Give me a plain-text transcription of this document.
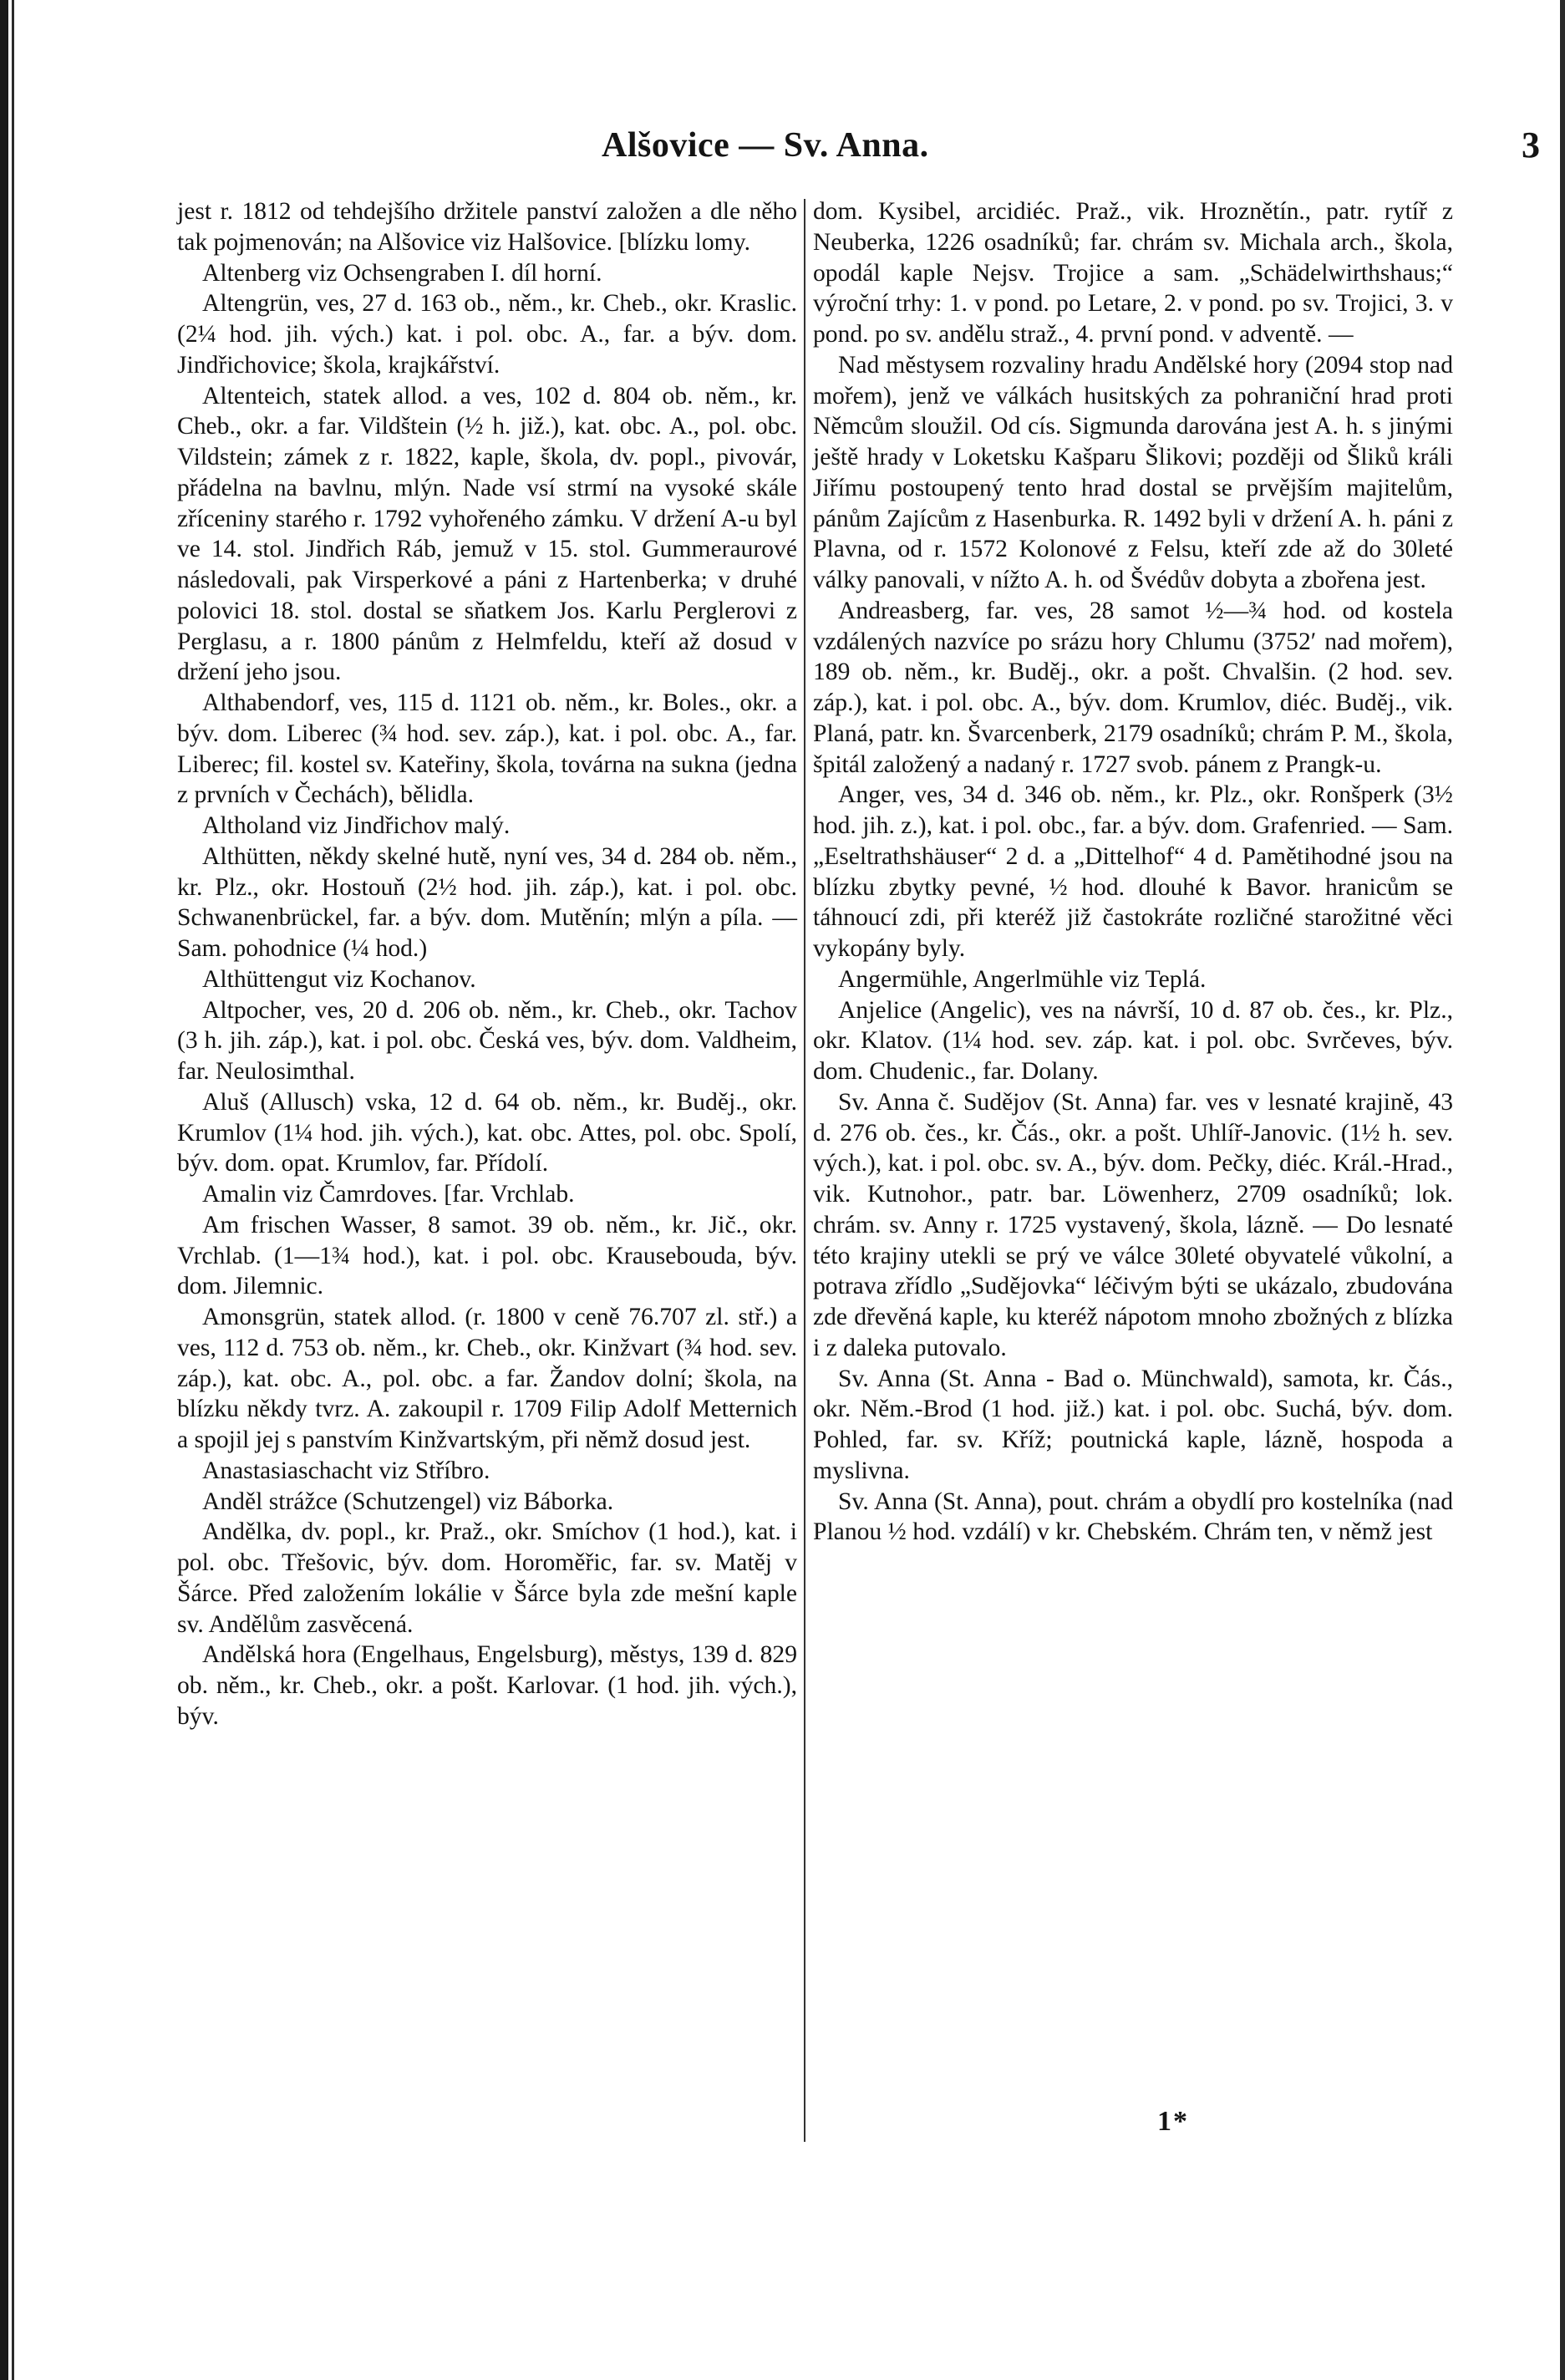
Alšovice — Sv. Anna.	3

jest r. 1812 od tehdejšího držitele panství založen a dle něho tak pojmenován; na Alšovice viz Halšovice. [blízku lomy.

Altenberg viz Ochsengraben I. díl horní.

Altengrün, ves, 27 d. 163 ob., něm., kr. Cheb., okr. Kraslic. (2¼ hod. jih. vých.) kat. i pol. obc. A., far. a býv. dom. Jindřichovice; škola, krajkářství.

Altenteich, statek allod. a ves, 102 d. 804 ob. něm., kr. Cheb., okr. a far. Vildštein (½ h. již.), kat. obc. A., pol. obc. Vildstein; zámek z r. 1822, kaple, škola, dv. popl., pivovár, přádelna na bavlnu, mlýn. Nade vsí strmí na vysoké skále zříceniny starého r. 1792 vyhořeného zámku. V držení A-u byl ve 14. stol. Jindřich Ráb, jemuž v 15. stol. Gummeraurové následovali, pak Virsperkové a páni z Hartenberka; v druhé polovici 18. stol. dostal se sňatkem Jos. Karlu Perglerovi z Perglasu, a r. 1800 pánům z Helmfeldu, kteří až dosud v držení jeho jsou.

Althabendorf, ves, 115 d. 1121 ob. něm., kr. Boles., okr. a býv. dom. Liberec (¾ hod. sev. záp.), kat. i pol. obc. A., far. Liberec; fil. kostel sv. Kateřiny, škola, továrna na sukna (jedna z prvních v Čechách), bělidla.

Altholand viz Jindřichov malý.

Althütten, někdy skelné hutě, nyní ves, 34 d. 284 ob. něm., kr. Plz., okr. Hostouň (2½ hod. jih. záp.), kat. i pol. obc. Schwanenbrückel, far. a býv. dom. Mutěnín; mlýn a píla. — Sam. pohodnice (¼ hod.)

Althüttengut viz Kochanov.

Altpocher, ves, 20 d. 206 ob. něm., kr. Cheb., okr. Tachov (3 h. jih. záp.), kat. i pol. obc. Česká ves, býv. dom. Valdheim, far. Neulosimthal.

Aluš (Allusch) vska, 12 d. 64 ob. něm., kr. Buděj., okr. Krumlov (1¼ hod. jih. vých.), kat. obc. Attes, pol. obc. Spolí, býv. dom. opat. Krumlov, far. Přídolí.

Amalin viz Čamrdoves. [far. Vrchlab.

Am frischen Wasser, 8 samot. 39 ob. něm., kr. Jič., okr. Vrchlab. (1—1¾ hod.), kat. i pol. obc. Krausebouda, býv. dom. Jilemnic.

Amonsgrün, statek allod. (r. 1800 v ceně 76.707 zl. stř.) a ves, 112 d. 753 ob. něm., kr. Cheb., okr. Kinžvart (¾ hod. sev. záp.), kat. obc. A., pol. obc. a far. Žandov dolní; škola, na blízku někdy tvrz. A. zakoupil r. 1709 Filip Adolf Metternich a spojil jej s panstvím Kinžvartským, při němž dosud jest.

Anastasiaschacht viz Stříbro.

Anděl strážce (Schutzengel) viz Báborka.

Andělka, dv. popl., kr. Praž., okr. Smíchov (1 hod.), kat. i pol. obc. Třešovic, býv. dom. Horoměřic, far. sv. Matěj v Šárce. Před založením lokálie v Šárce byla zde mešní kaple sv. Andělům zasvěcená.

Andělská hora (Engelhaus, Engelsburg), městys, 139 d. 829 ob. něm., kr. Cheb., okr. a pošt. Karlovar. (1 hod. jih. vých.), býv.

dom. Kysibel, arcidiéc. Praž., vik. Hroznětín., patr. rytíř z Neuberka, 1226 osadníků; far. chrám sv. Michala arch., škola, opodál kaple Nejsv. Trojice a sam. „Schädelwirthshaus;“ výroční trhy: 1. v pond. po Letare, 2. v pond. po sv. Trojici, 3. v pond. po sv. andělu straž., 4. první pond. v adventě. —

Nad městysem rozvaliny hradu Andělské hory (2094 stop nad mořem), jenž ve válkách husitských za pohraniční hrad proti Němcům sloužil. Od cís. Sigmunda darována jest A. h. s jinými ještě hrady v Loketsku Kašparu Šlikovi; později od Šliků králi Jiřímu postoupený tento hrad dostal se prvějším majitelům, pánům Zajícům z Hasenburka. R. 1492 byli v držení A. h. páni z Plavna, od r. 1572 Kolonové z Felsu, kteří zde až do 30leté války panovali, v nížto A. h. od Švédův dobyta a zbořena jest.

Andreasberg, far. ves, 28 samot ½—¾ hod. od kostela vzdálených nazvíce po srázu hory Chlumu (3752′ nad mořem), 189 ob. něm., kr. Buděj., okr. a pošt. Chvalšin. (2 hod. sev. záp.), kat. i pol. obc. A., býv. dom. Krumlov, diéc. Buděj., vik. Planá, patr. kn. Švarcenberk, 2179 osadníků; chrám P. M., škola, špitál založený a nadaný r. 1727 svob. pánem z Prangk-u.

Anger, ves, 34 d. 346 ob. něm., kr. Plz., okr. Ronšperk (3½ hod. jih. z.), kat. i pol. obc., far. a býv. dom. Grafenried. — Sam. „Eseltrathshäuser“ 2 d. a „Dittelhof“ 4 d. Pamětihodné jsou na blízku zbytky pevné, ½ hod. dlouhé k Bavor. hranicům se táhnoucí zdi, při kteréž již častokráte rozličné starožitné věci vykopány byly.

Angermühle, Angerlmühle viz Teplá.

Anjelice (Angelic), ves na návrší, 10 d. 87 ob. čes., kr. Plz., okr. Klatov. (1¼ hod. sev. záp. kat. i pol. obc. Svrčeves, býv. dom. Chudenic., far. Dolany.

Sv. Anna č. Sudějov (St. Anna) far. ves v lesnaté krajině, 43 d. 276 ob. čes., kr. Čás., okr. a pošt. Uhlíř-Janovic. (1½ h. sev. vých.), kat. i pol. obc. sv. A., býv. dom. Pečky, diéc. Král.-Hrad., vik. Kutnohor., patr. bar. Löwenherz, 2709 osadníků; lok. chrám. sv. Anny r. 1725 vystavený, škola, lázně. — Do lesnaté této krajiny utekli se prý ve válce 30leté obyvatelé vůkolní, a potrava zřídlo „Sudějovka“ léčivým býti se ukázalo, zbudována zde dřevěná kaple, ku kteréž nápotom mnoho zbožných z blízka i z daleka putovalo.

Sv. Anna (St. Anna - Bad o. Münchwald), samota, kr. Čás., okr. Něm.-Brod (1 hod. již.) kat. i pol. obc. Suchá, býv. dom. Pohled, far. sv. Kříž; poutnická kaple, lázně, hospoda a myslivna.

Sv. Anna (St. Anna), pout. chrám a obydlí pro kostelníka (nad Planou ½ hod. vzdálí) v kr. Chebském. Chrám ten, v němž jest

1*
